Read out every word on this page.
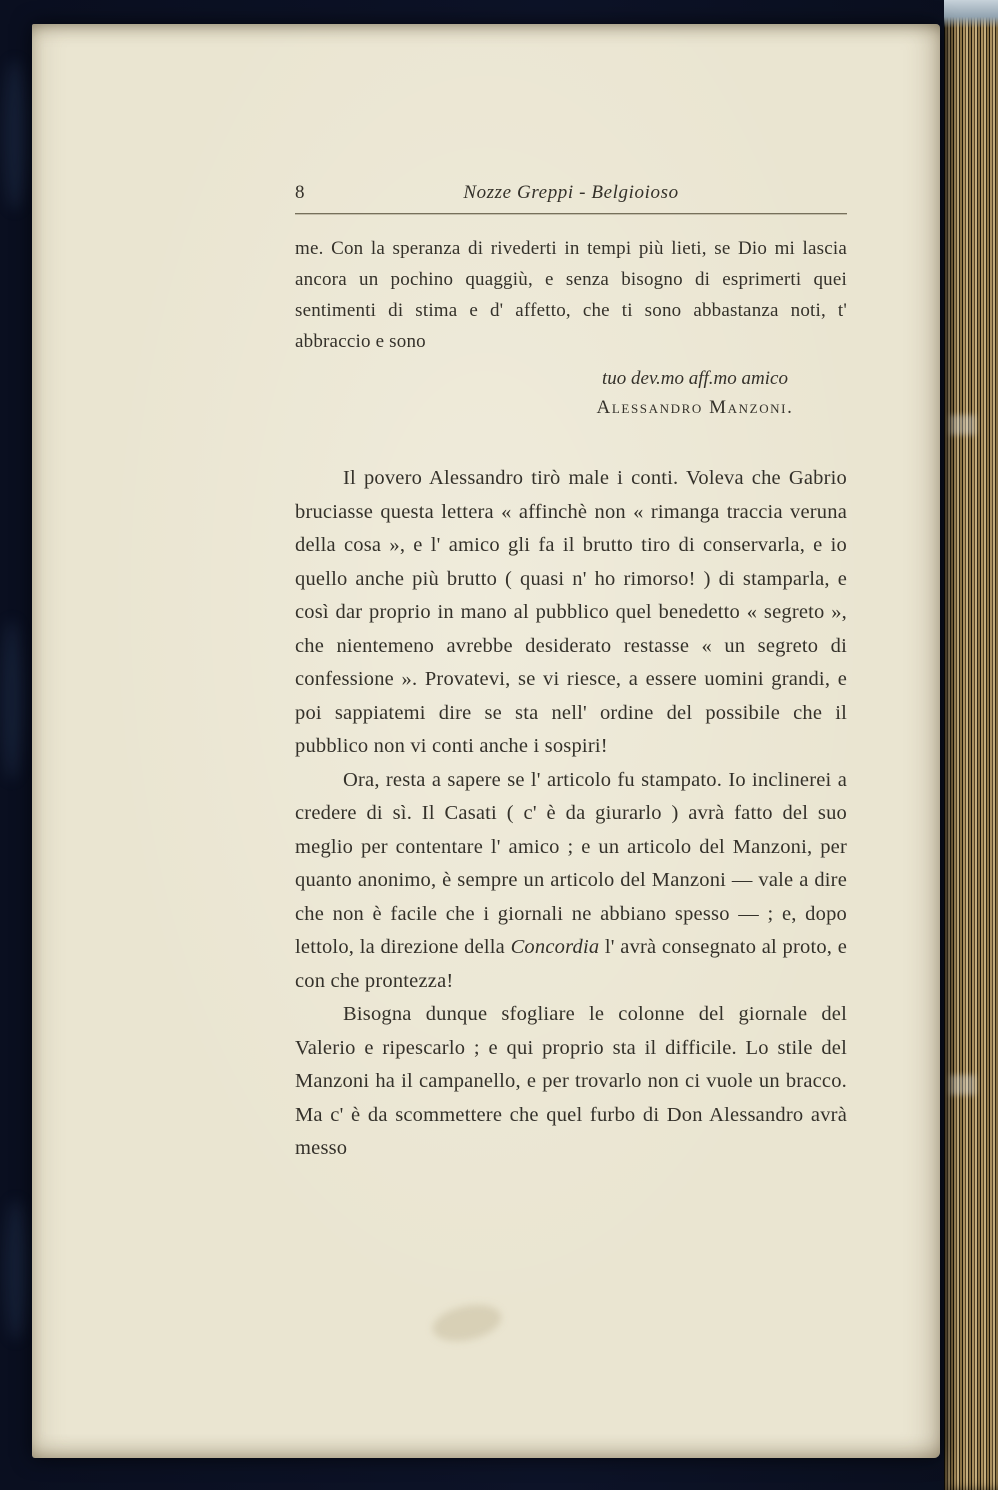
8	Nozze Greppi - Belgioioso

me. Con la speranza di rivederti in tempi più lieti, se Dio mi lascia ancora un pochino quaggiù, e senza bisogno di esprimerti quei sentimenti di stima e d' affetto, che ti sono abbastanza noti, t' abbraccio e sono

tuo dev.mo aff.mo amico
Alessandro Manzoni.

Il povero Alessandro tirò male i conti. Voleva che Gabrio bruciasse questa lettera « affinchè non « rimanga traccia veruna della cosa », e l' amico gli fa il brutto tiro di conservarla, e io quello anche più brutto ( quasi n' ho rimorso! ) di stamparla, e così dar proprio in mano al pubblico quel benedetto « segreto », che nientemeno avrebbe desiderato restasse « un segreto di confessione ». Provatevi, se vi riesce, a essere uomini grandi, e poi sappiatemi dire se sta nell' ordine del possibile che il pubblico non vi conti anche i sospiri!

Ora, resta a sapere se l' articolo fu stampato. Io inclinerei a credere di sì. Il Casati ( c' è da giurarlo ) avrà fatto del suo meglio per contentare l' amico ; e un articolo del Manzoni, per quanto anonimo, è sempre un articolo del Manzoni — vale a dire che non è facile che i giornali ne abbiano spesso — ; e, dopo lettolo, la direzione della Concordia l' avrà consegnato al proto, e con che prontezza!

Bisogna dunque sfogliare le colonne del giornale del Valerio e ripescarlo ; e qui proprio sta il difficile. Lo stile del Manzoni ha il campanello, e per trovarlo non ci vuole un bracco. Ma c' è da scommettere che quel furbo di Don Alessandro avrà messo
